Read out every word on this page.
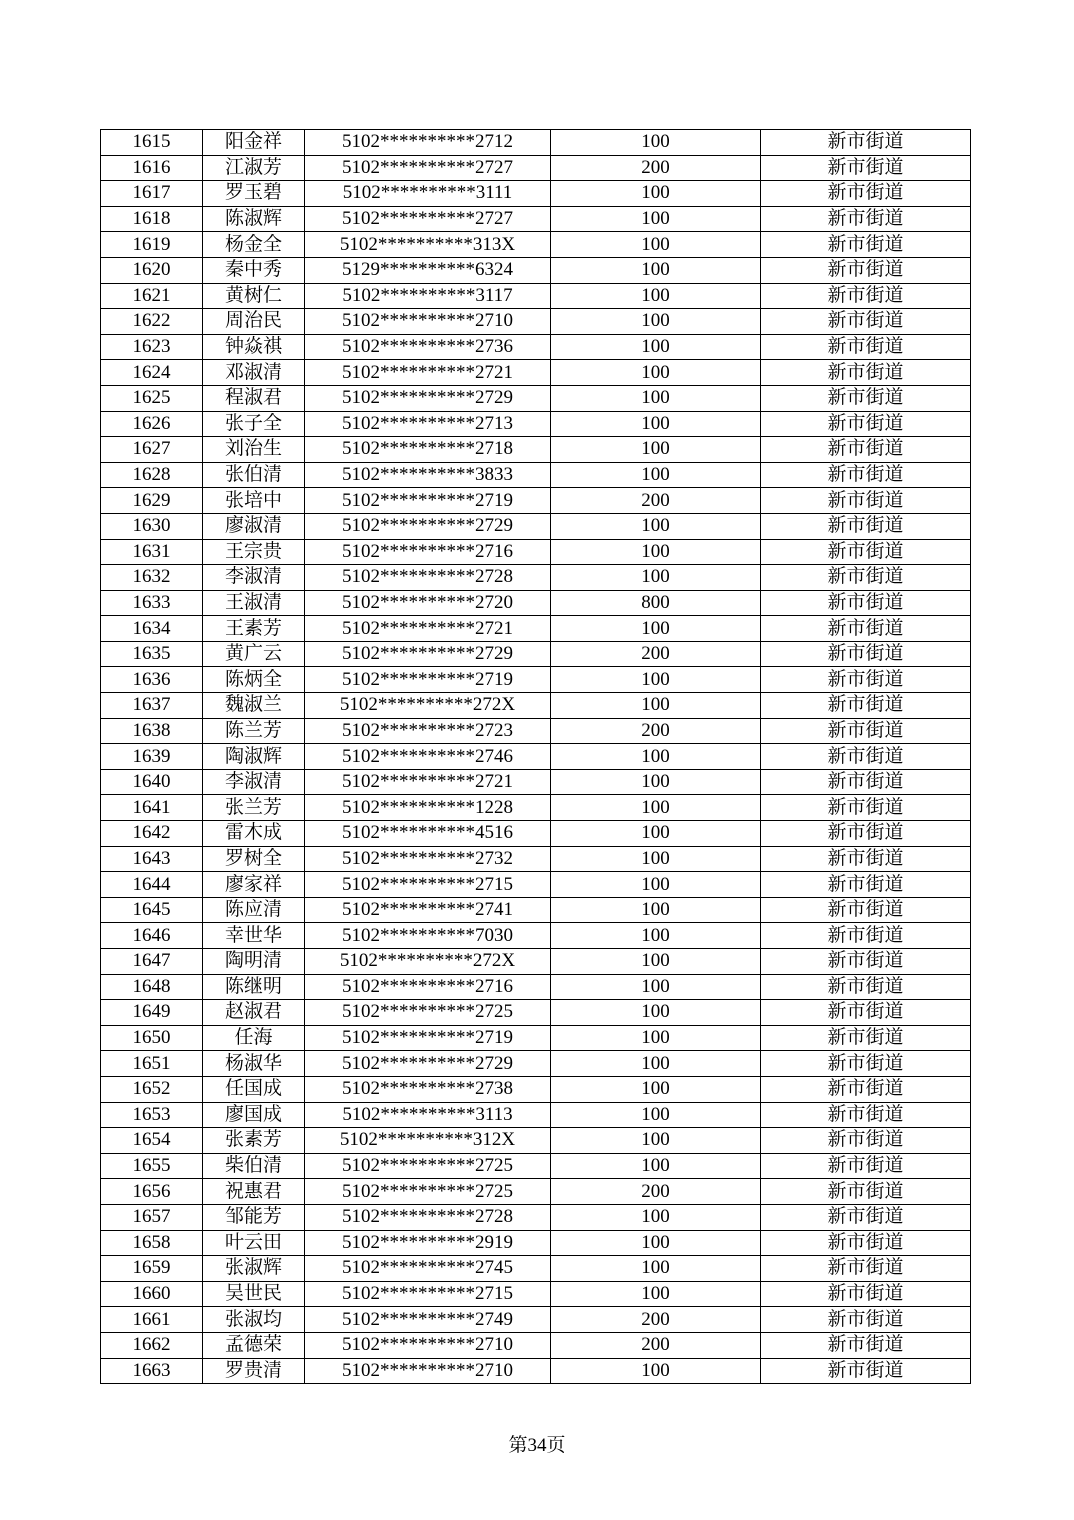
1615	阳金祥	5102**********2712	100	新市街道
1616	江淑芳	5102**********2727	200	新市街道
1617	罗玉碧	5102**********3111	100	新市街道
1618	陈淑辉	5102**********2727	100	新市街道
1619	杨金全	5102**********313X	100	新市街道
1620	秦中秀	5129**********6324	100	新市街道
1621	黄树仁	5102**********3117	100	新市街道
1622	周治民	5102**********2710	100	新市街道
1623	钟焱祺	5102**********2736	100	新市街道
1624	邓淑清	5102**********2721	100	新市街道
1625	程淑君	5102**********2729	100	新市街道
1626	张子全	5102**********2713	100	新市街道
1627	刘治生	5102**********2718	100	新市街道
1628	张伯清	5102**********3833	100	新市街道
1629	张培中	5102**********2719	200	新市街道
1630	廖淑清	5102**********2729	100	新市街道
1631	王宗贵	5102**********2716	100	新市街道
1632	李淑清	5102**********2728	100	新市街道
1633	王淑清	5102**********2720	800	新市街道
1634	王素芳	5102**********2721	100	新市街道
1635	黄广云	5102**********2729	200	新市街道
1636	陈炳全	5102**********2719	100	新市街道
1637	魏淑兰	5102**********272X	100	新市街道
1638	陈兰芳	5102**********2723	200	新市街道
1639	陶淑辉	5102**********2746	100	新市街道
1640	李淑清	5102**********2721	100	新市街道
1641	张兰芳	5102**********1228	100	新市街道
1642	雷木成	5102**********4516	100	新市街道
1643	罗树全	5102**********2732	100	新市街道
1644	廖家祥	5102**********2715	100	新市街道
1645	陈应清	5102**********2741	100	新市街道
1646	幸世华	5102**********7030	100	新市街道
1647	陶明清	5102**********272X	100	新市街道
1648	陈继明	5102**********2716	100	新市街道
1649	赵淑君	5102**********2725	100	新市街道
1650	任海	5102**********2719	100	新市街道
1651	杨淑华	5102**********2729	100	新市街道
1652	任国成	5102**********2738	100	新市街道
1653	廖国成	5102**********3113	100	新市街道
1654	张素芳	5102**********312X	100	新市街道
1655	柴伯清	5102**********2725	100	新市街道
1656	祝惠君	5102**********2725	200	新市街道
1657	邹能芳	5102**********2728	100	新市街道
1658	叶云田	5102**********2919	100	新市街道
1659	张淑辉	5102**********2745	100	新市街道
1660	吴世民	5102**********2715	100	新市街道
1661	张淑均	5102**********2749	200	新市街道
1662	孟德荣	5102**********2710	200	新市街道
1663	罗贵清	5102**********2710	100	新市街道
第34页
